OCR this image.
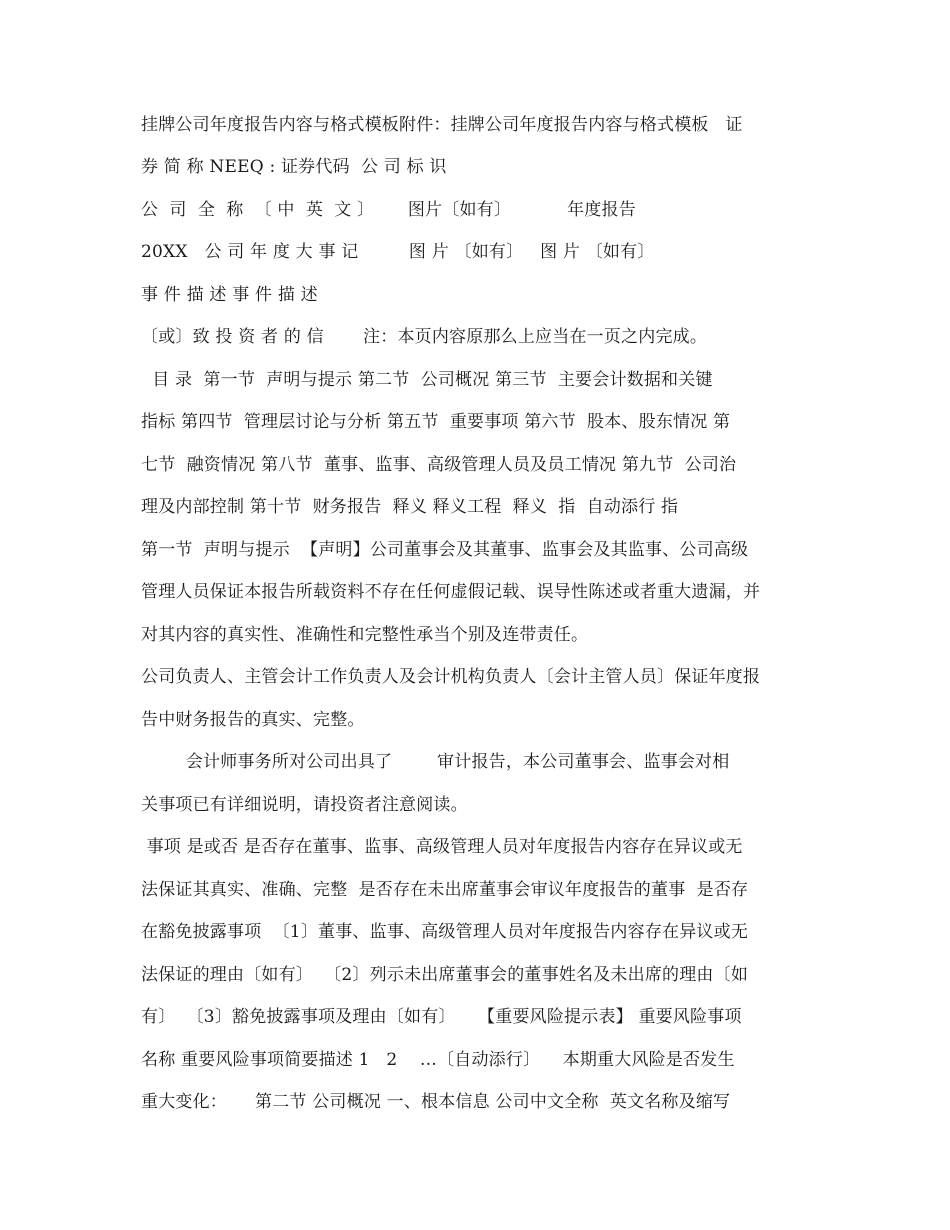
挂牌公司年度报告内容与格式模板附件：挂牌公司年度报告内容与格式模板   证
券 简 称 NEEQ : 证券代码  公 司 标 识
公  司  全  称  〔 中  英  文 〕      图片〔如有〕          年度报告
20XX   公 司 年 度 大 事 记         图 片 〔如有〕   图 片 〔如有〕
事 件 描 述 事 件 描 述
〔或〕致 投 资 者 的 信       注：本页内容原那么上应当在一页之内完成。
目 录  第一节  声明与提示 第二节  公司概况 第三节  主要会计数据和关键
指标 第四节  管理层讨论与分析 第五节  重要事项 第六节  股本、股东情况 第
七节  融资情况 第八节  董事、监事、高级管理人员及员工情况 第九节  公司治
理及内部控制 第十节  财务报告  释义 释义工程  释义  指  自动添行 指
第一节  声明与提示  【声明】公司董事会及其董事、监事会及其监事、公司高级
管理人员保证本报告所载资料不存在任何虚假记载、误导性陈述或者重大遗漏，并
对其内容的真实性、准确性和完整性承当个别及连带责任。
公司负责人、主管会计工作负责人及会计机构负责人〔会计主管人员〕保证年度报
告中财务报告的真实、完整。
会计师事务所对公司出具了        审计报告，本公司董事会、监事会对相
关事项已有详细说明，请投资者注意阅读。
事项 是或否 是否存在董事、监事、高级管理人员对年度报告内容存在异议或无
法保证其真实、准确、完整  是否存在未出席董事会审议年度报告的董事  是否存
在豁免披露事项  〔1〕董事、监事、高级管理人员对年度报告内容存在异议或无
法保证的理由〔如有〕  〔2〕列示未出席董事会的董事姓名及未出席的理由〔如
有〕  〔3〕豁免披露事项及理由〔如有〕    【重要风险提示表】 重要风险事项
名称 重要风险事项简要描述 1   2    …〔自动添行〕    本期重大风险是否发生
重大变化：     第二节 公司概况 一、根本信息 公司中文全称  英文名称及缩写
